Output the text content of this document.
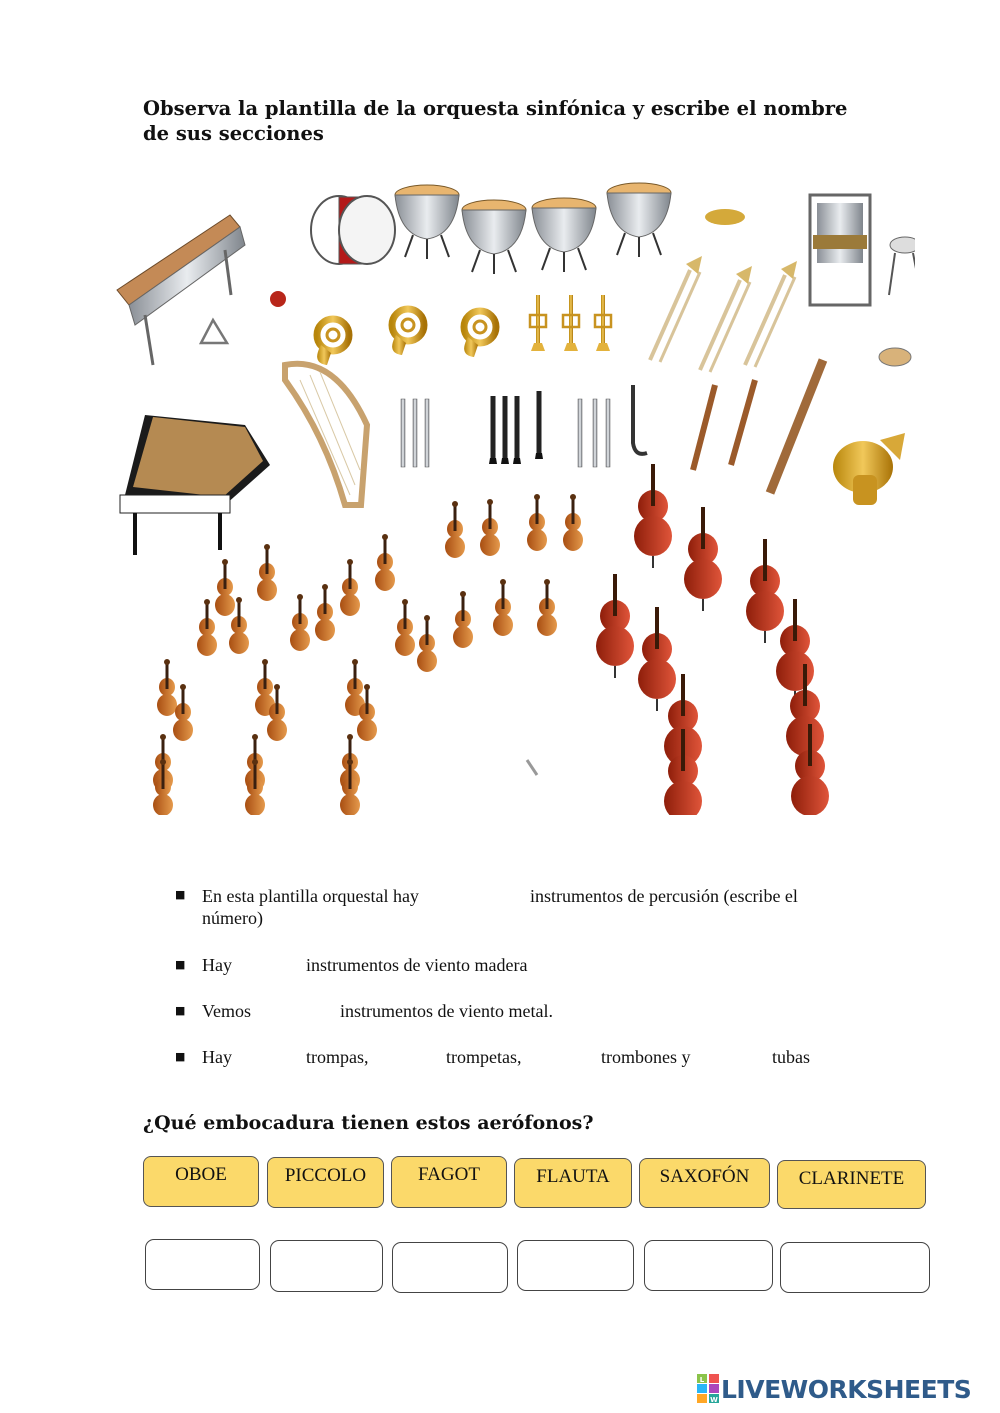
Observa la plantilla de la orquesta sinfónica y escribe el nombre
de sus secciones
■ En esta plantilla orquestal hay	instrumentos de percusión (escribe el
número)
■ Hay	instrumentos de viento madera
■ Vemos	instrumentos de viento metal.
■ Hay	trompas,	trompetas,	trombones y	tubas
¿Qué embocadura tienen estos aerófonos?
OBOE	PICCOLO	FAGOT	FLAUTA	SAXOFÓN	CLARINETE
L
W LIVEWORKSHEETS
